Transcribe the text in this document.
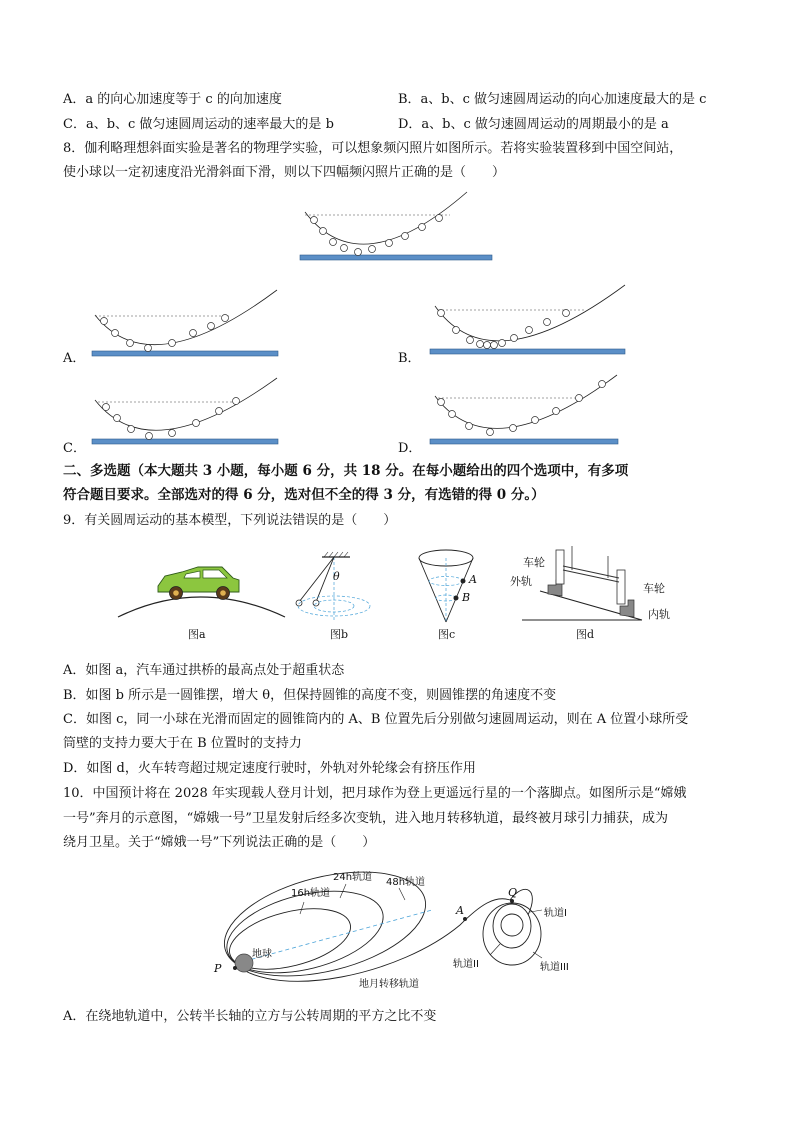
A．a 的向心加速度等于 c 的向加速度	B．a、b、c 做匀速圆周运动的向心加速度最大的是 c
C．a、b、c 做匀速圆周运动的速率最大的是 b	D．a、b、c 做匀速圆周运动的周期最小的是 a
8．伽利略理想斜面实验是著名的物理学实验，可以想象频闪照片如图所示。若将实验装置移到中国空间站，
使小球以一定初速度沿光滑斜面下滑，则以下四幅频闪照片正确的是（　　）
A．	B．
C．	D．
二、多选题（本大题共 3 小题，每小题 6 分，共 18 分。在每小题给出的四个选项中，有多项
符合题目要求。全部选对的得 6 分，选对但不全的得 3 分，有选错的得 0 分。）
9．有关圆周运动的基本模型，下列说法错误的是（　　）
图a
θ
图b
A
B
图c
车轮
外轨
车轮
内轨
图d
A．如图 a，汽车通过拱桥的最高点处于超重状态
B．如图 b 所示是一圆锥摆，增大 θ，但保持圆锥的高度不变，则圆锥摆的角速度不变
C．如图 c，同一小球在光滑而固定的圆锥筒内的 A、B 位置先后分别做匀速圆周运动，则在 A 位置小球所受
筒壁的支持力要大于在 B 位置时的支持力
D．如图 d，火车转弯超过规定速度行驶时，外轨对外轮缘会有挤压作用
10．中国预计将在 2028 年实现载人登月计划，把月球作为登上更遥远行星的一个落脚点。如图所示是“嫦娥
一号”奔月的示意图，“嫦娥一号”卫星发射后经多次变轨，进入地月转移轨道，最终被月球引力捕获，成为
绕月卫星。关于“嫦娥一号”下列说法正确的是（　　）
16h轨道
24h轨道 48h轨道
地球
地月转移轨道
P
A
Q
轨道I
轨道II	轨道III
A．在绕地轨道中，公转半长轴的立方与公转周期的平方之比不变
